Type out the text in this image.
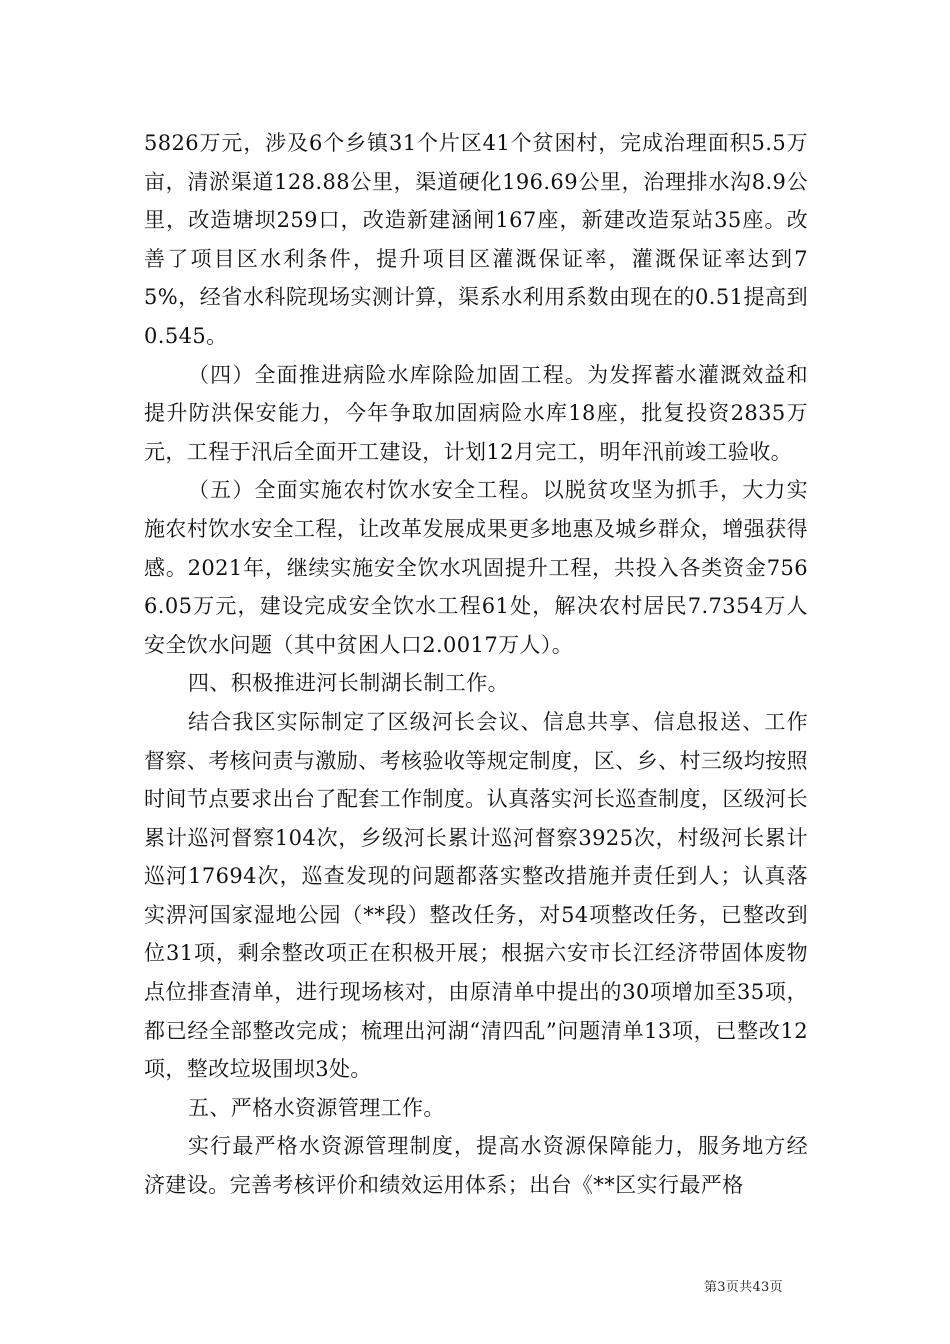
5826万元，涉及6个乡镇31个片区41个贫困村，完成治理面积5.5万亩，清淤渠道128.88公里，渠道硬化196.69公里，治理排水沟8.9公里，改造塘坝259口，改造新建涵闸167座，新建改造泵站35座。改善了项目区水利条件，提升项目区灌溉保证率，灌溉保证率达到75%，经省水科院现场实测计算，渠系水利用系数由现在的0.51提高到0.545。

（四）全面推进病险水库除险加固工程。为发挥蓄水灌溉效益和提升防洪保安能力，今年争取加固病险水库18座，批复投资2835万元，工程于汛后全面开工建设，计划12月完工，明年汛前竣工验收。

（五）全面实施农村饮水安全工程。以脱贫攻坚为抓手，大力实施农村饮水安全工程，让改革发展成果更多地惠及城乡群众，增强获得感。2021年，继续实施安全饮水巩固提升工程，共投入各类资金7566.05万元，建设完成安全饮水工程61处，解决农村居民7.7354万人安全饮水问题（其中贫困人口2.0017万人）。

四、积极推进河长制湖长制工作。

结合我区实际制定了区级河长会议、信息共享、信息报送、工作督察、考核问责与激励、考核验收等规定制度，区、乡、村三级均按照时间节点要求出台了配套工作制度。认真落实河长巡查制度，区级河长累计巡河督察104次，乡级河长累计巡河督察3925次，村级河长累计巡河17694次，巡查发现的问题都落实整改措施并责任到人；认真落实淠河国家湿地公园（**段）整改任务，对54项整改任务，已整改到位31项，剩余整改项正在积极开展；根据六安市长江经济带固体废物点位排查清单，进行现场核对，由原清单中提出的30项增加至35项，都已经全部整改完成；梳理出河湖“清四乱”问题清单13项，已整改12项，整改垃圾围坝3处。

五、严格水资源管理工作。

实行最严格水资源管理制度，提高水资源保障能力，服务地方经济建设。完善考核评价和绩效运用体系；出台《**区实行最严格

第3页共43页
